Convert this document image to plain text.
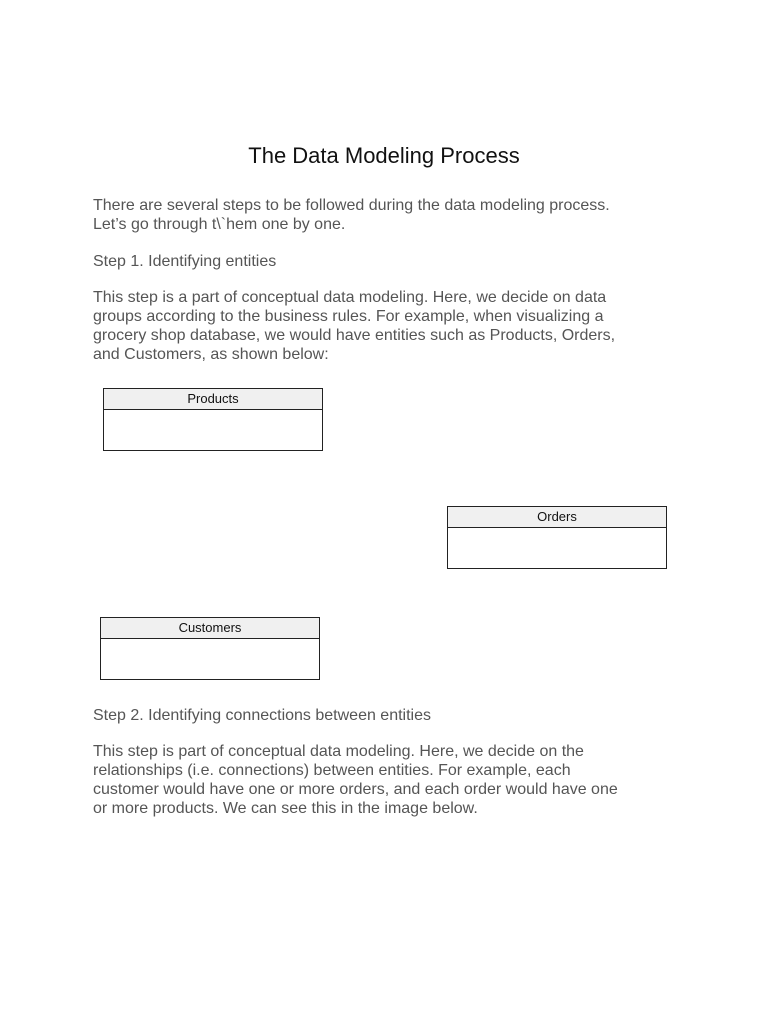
The Data Modeling Process

There are several steps to be followed during the data modeling process.
Let’s go through t\`hem one by one.

Step 1. Identifying entities

This step is a part of conceptual data modeling. Here, we decide on data
groups according to the business rules. For example, when visualizing a
grocery shop database, we would have entities such as Products, Orders,
and Customers, as shown below:

Products
Orders
Customers

Step 2. Identifying connections between entities

This step is part of conceptual data modeling. Here, we decide on the
relationships (i.e. connections) between entities. For example, each
customer would have one or more orders, and each order would have one
or more products. We can see this in the image below.
